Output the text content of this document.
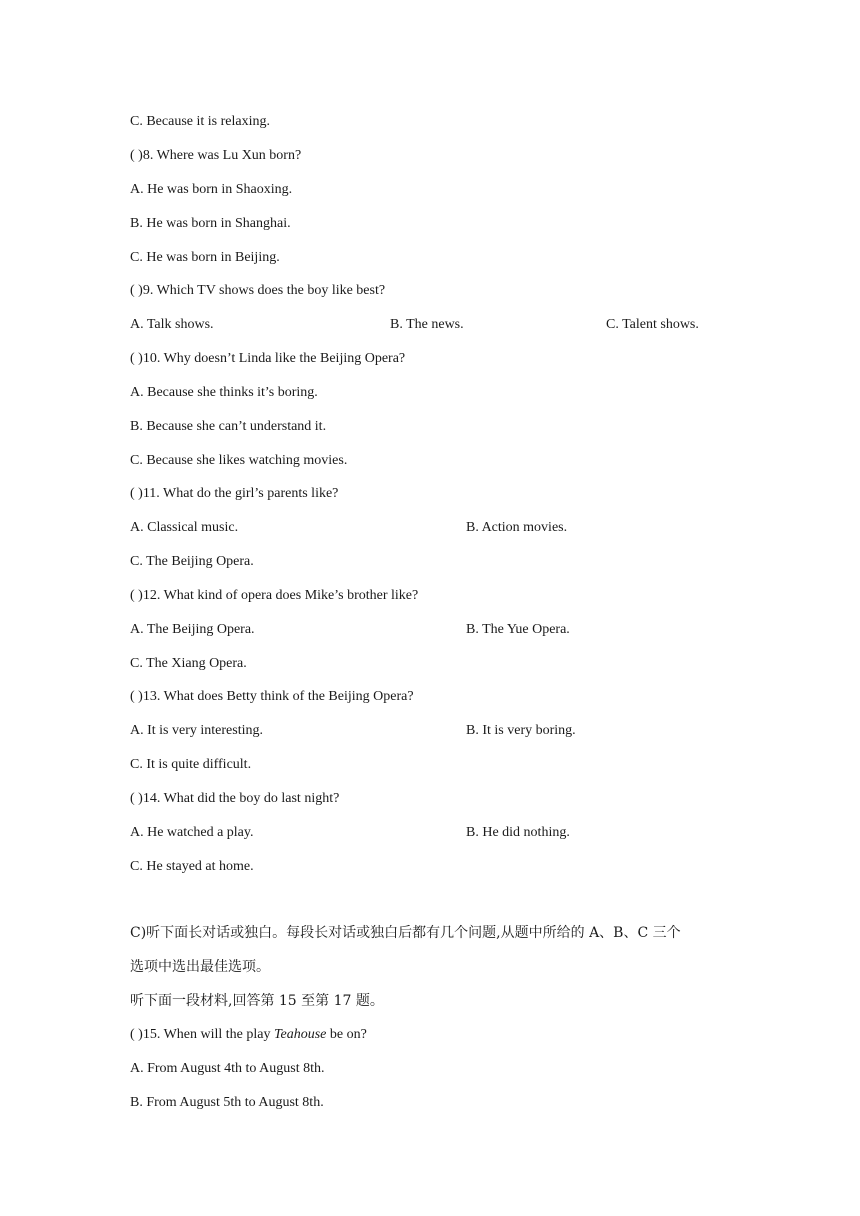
C. Because it is relaxing.
( )8. Where was Lu Xun born?
A. He was born in Shaoxing.
B. He was born in Shanghai.
C. He was born in Beijing.
( )9. Which TV shows does the boy like best?
A. Talk shows.	B. The news.	C. Talent shows.
( )10. Why doesn’t Linda like the Beijing Opera?
A. Because she thinks it’s boring.
B. Because she can’t understand it.
C. Because she likes watching movies.
( )11. What do the girl’s parents like?
A. Classical music.	B. Action movies.
C. The Beijing Opera.
( )12. What kind of opera does Mike’s brother like?
A. The Beijing Opera.	B. The Yue Opera.
C. The Xiang Opera.
( )13. What does Betty think of the Beijing Opera?
A. It is very interesting.	B. It is very boring.
C. It is quite difficult.
( )14. What did the boy do last night?
A. He watched a play.	B. He did nothing.
C. He stayed at home.
C)听下面长对话或独白。每段长对话或独白后都有几个问题,从题中所给的 A、B、C 三个
选项中选出最佳选项。
听下面一段材料,回答第 15 至第 17 题。
( )15. When will the play Teahouse be on?
A. From August 4th to August 8th.
B. From August 5th to August 8th.
